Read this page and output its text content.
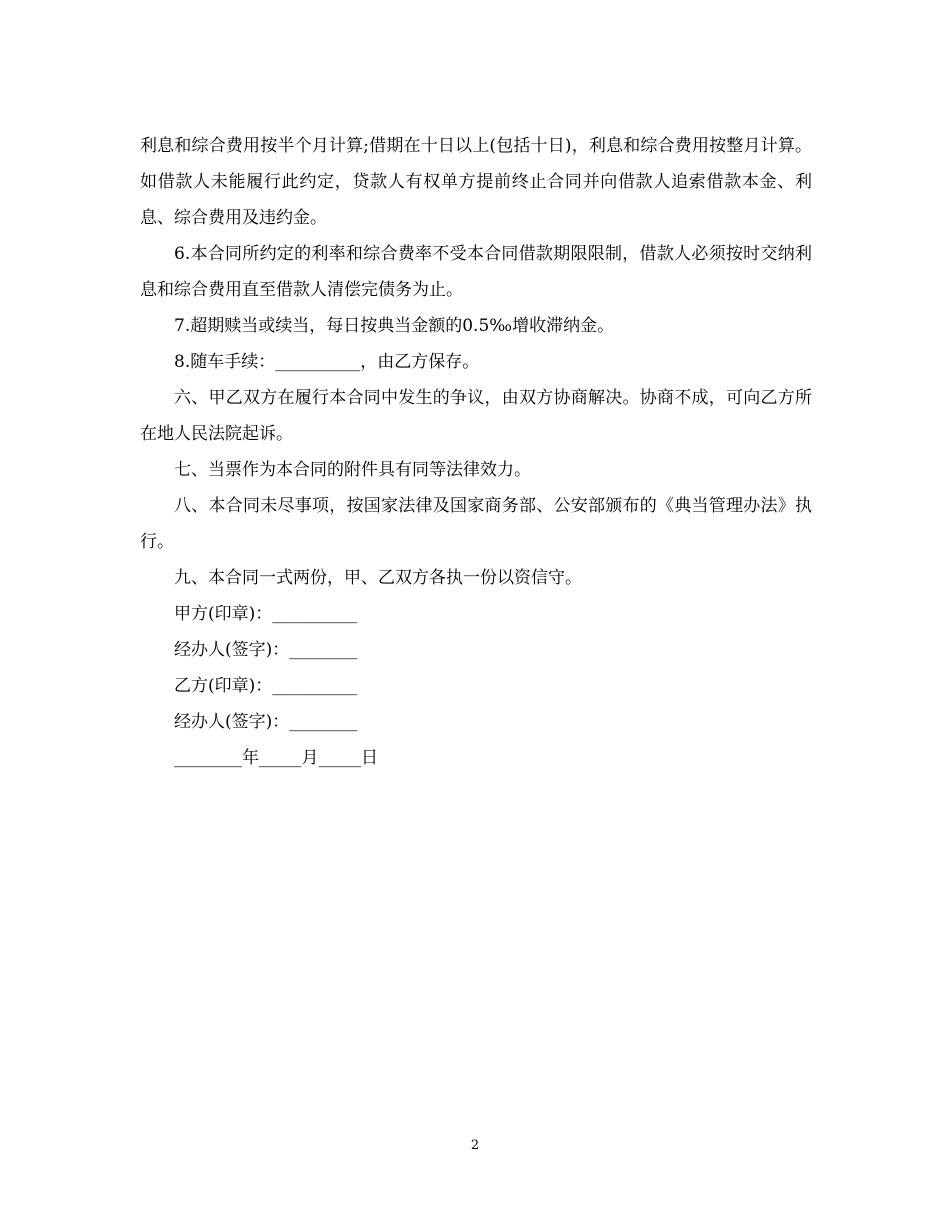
利息和综合费用按半个月计算;借期在十日以上(包括十日)，利息和综合费用按整月计算。如借款人未能履行此约定，贷款人有权单方提前终止合同并向借款人追索借款本金、利息、综合费用及违约金。

6.本合同所约定的利率和综合费率不受本合同借款期限限制，借款人必须按时交纳利息和综合费用直至借款人清偿完债务为止。

7.超期赎当或续当，每日按典当金额的0.5‰增收滞纳金。

8.随车手续：__________，由乙方保存。

六、甲乙双方在履行本合同中发生的争议，由双方协商解决。协商不成，可向乙方所在地人民法院起诉。

七、当票作为本合同的附件具有同等法律效力。

八、本合同未尽事项，按国家法律及国家商务部、公安部颁布的《典当管理办法》执行。

九、本合同一式两份，甲、乙双方各执一份以资信守。

甲方(印章)：__________

经办人(签字)：________

乙方(印章)：__________

经办人(签字)：________

________年_____月_____日

2
